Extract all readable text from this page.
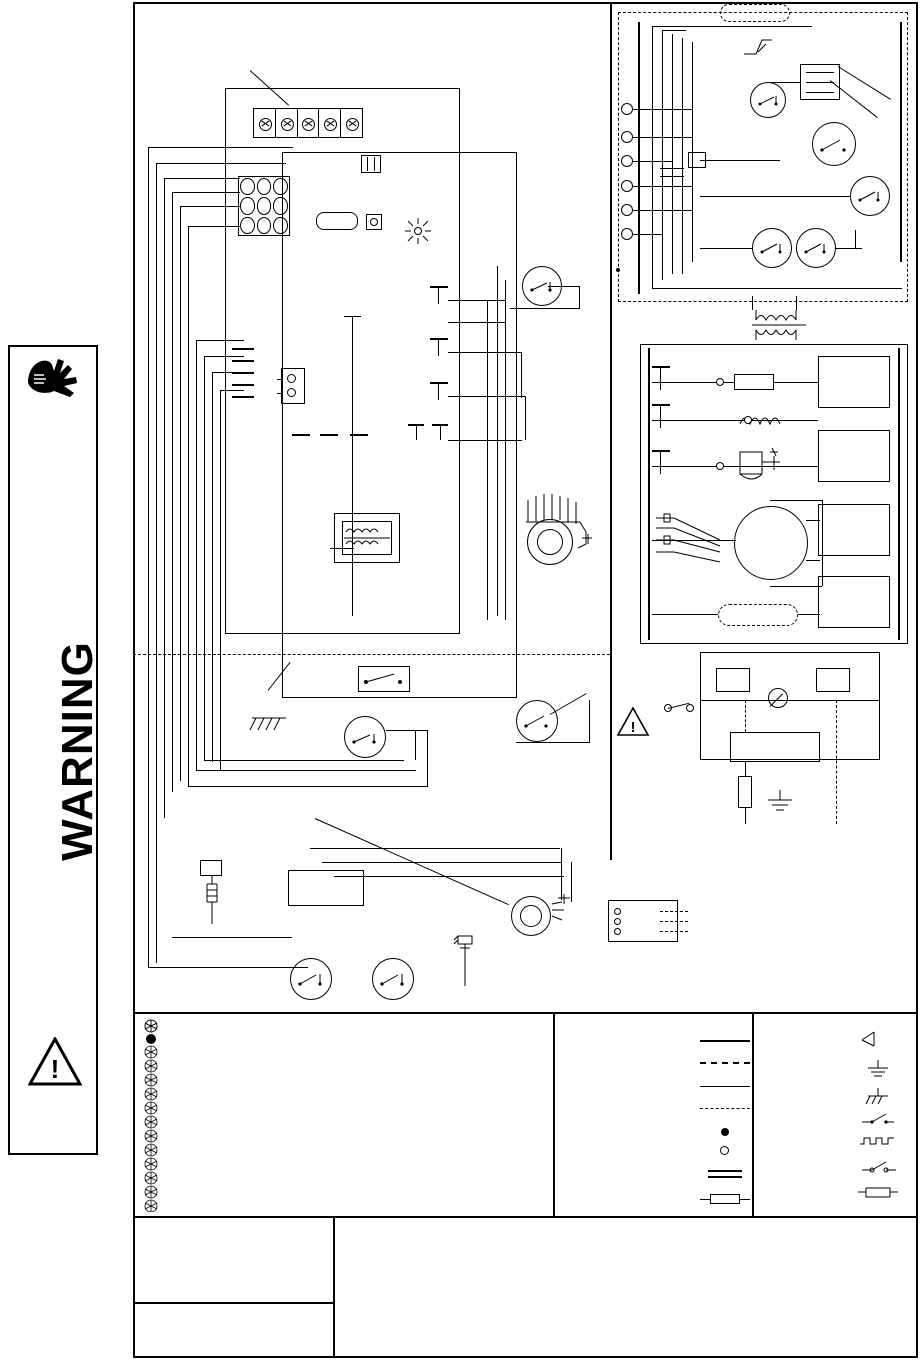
WARNING
!
!
